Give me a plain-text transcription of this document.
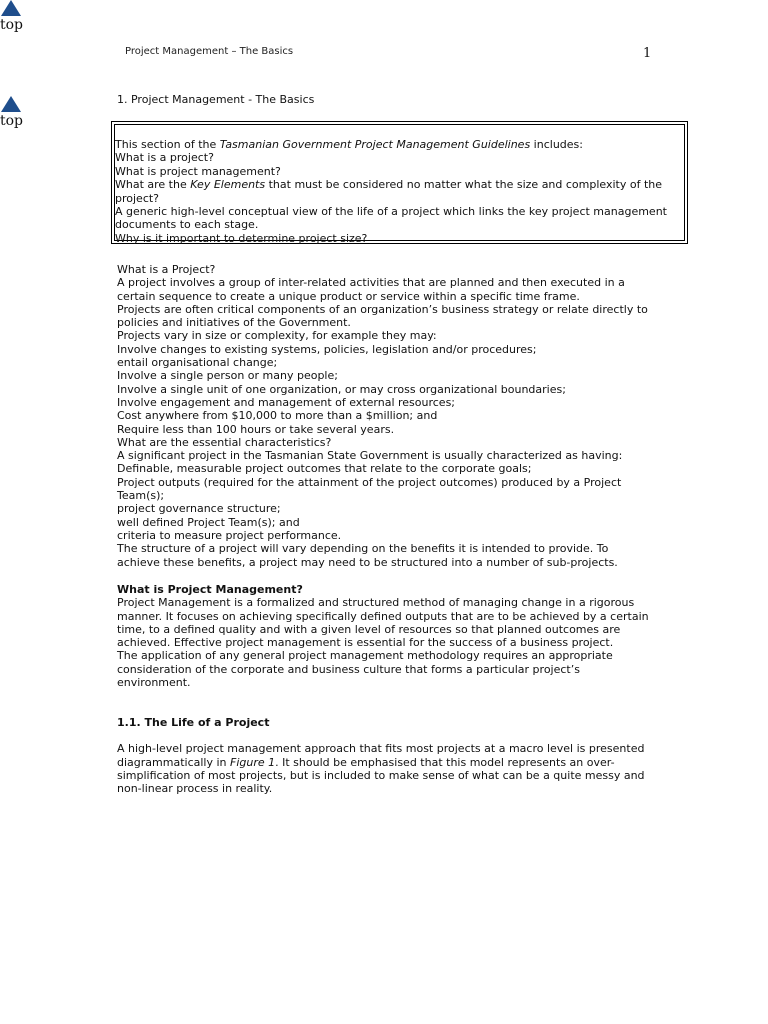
top
top
Project Management – The Basics	1
1. Project Management - The Basics
This section of the Tasmanian Government Project Management Guidelines includes:
What is a project?
What is project management?
What are the Key Elements that must be considered no matter what the size and complexity of the
project?
A generic high-level conceptual view of the life of a project which links the key project management
documents to each stage.
Why is it important to determine project size?
What is a Project?
A project involves a group of inter-related activities that are planned and then executed in a
certain sequence to create a unique product or service within a specific time frame.
Projects are often critical components of an organization’s business strategy or relate directly to
policies and initiatives of the Government.
Projects vary in size or complexity, for example they may:
Involve changes to existing systems, policies, legislation and/or procedures;
entail organisational change;
Involve a single person or many people;
Involve a single unit of one organization, or may cross organizational boundaries;
Involve engagement and management of external resources;
Cost anywhere from $10,000 to more than a $million; and
Require less than 100 hours or take several years.
What are the essential characteristics?
A significant project in the Tasmanian State Government is usually characterized as having:
Definable, measurable project outcomes that relate to the corporate goals;
Project outputs (required for the attainment of the project outcomes) produced by a Project
Team(s);
project governance structure;
well defined Project Team(s); and
criteria to measure project performance.
The structure of a project will vary depending on the benefits it is intended to provide. To
achieve these benefits, a project may need to be structured into a number of sub-projects.
What is Project Management?
Project Management is a formalized and structured method of managing change in a rigorous
manner. It focuses on achieving specifically defined outputs that are to be achieved by a certain
time, to a defined quality and with a given level of resources so that planned outcomes are
achieved. Effective project management is essential for the success of a business project.
The application of any general project management methodology requires an appropriate
consideration of the corporate and business culture that forms a particular project’s
environment.
1.1. The Life of a Project
A high-level project management approach that fits most projects at a macro level is presented
diagrammatically in Figure 1. It should be emphasised that this model represents an over-
simplification of most projects, but is included to make sense of what can be a quite messy and
non-linear process in reality.
